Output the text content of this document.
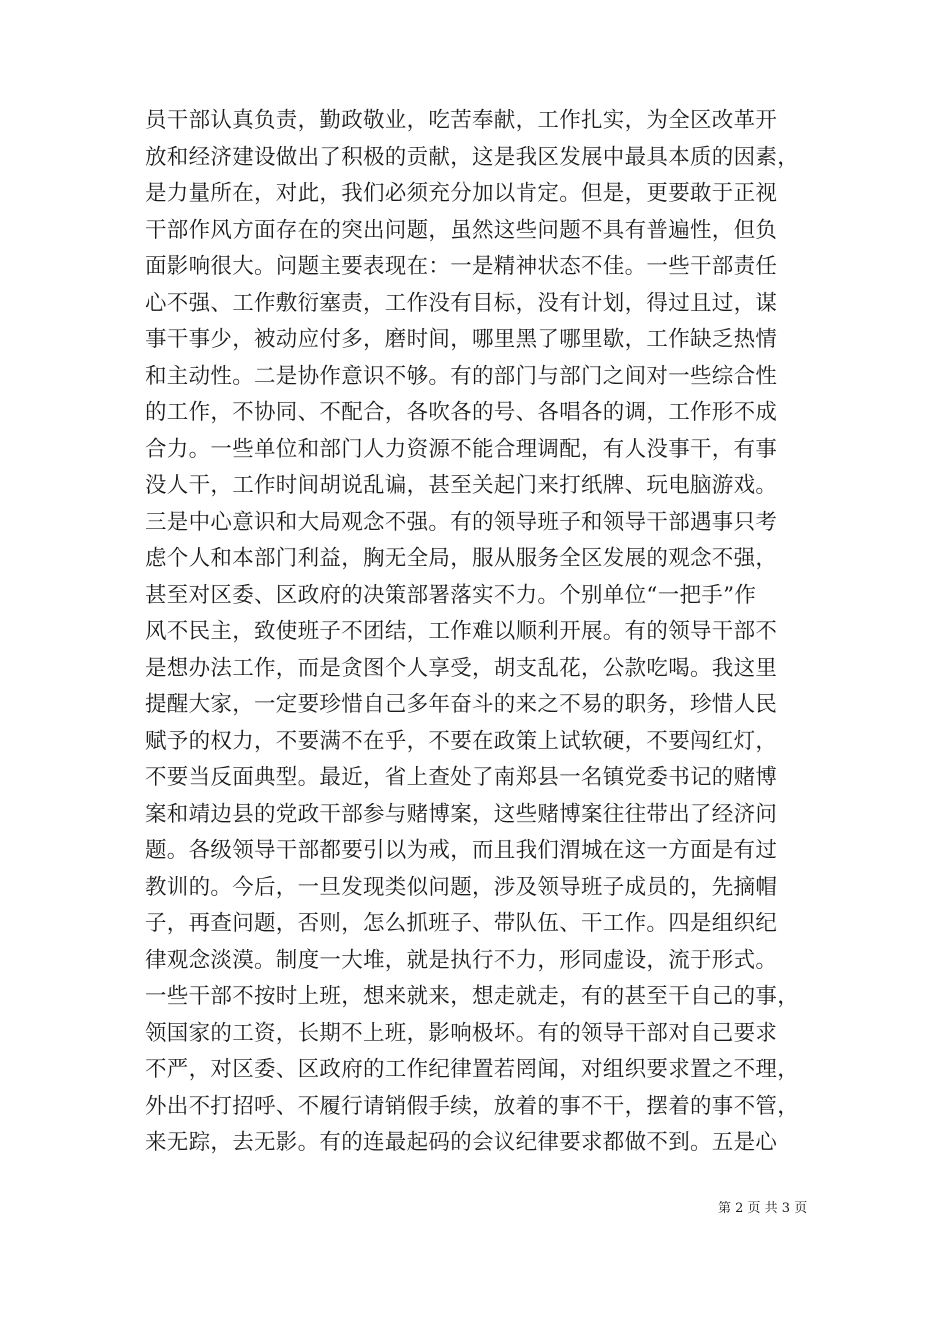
员干部认真负责，勤政敬业，吃苦奉献，工作扎实，为全区改革开
放和经济建设做出了积极的贡献，这是我区发展中最具本质的因素，
是力量所在，对此，我们必须充分加以肯定。但是，更要敢于正视
干部作风方面存在的突出问题，虽然这些问题不具有普遍性，但负
面影响很大。问题主要表现在：一是精神状态不佳。一些干部责任
心不强、工作敷衍塞责，工作没有目标，没有计划，得过且过，谋
事干事少，被动应付多，磨时间，哪里黑了哪里歇，工作缺乏热情
和主动性。二是协作意识不够。有的部门与部门之间对一些综合性
的工作，不协同、不配合，各吹各的号、各唱各的调，工作形不成
合力。一些单位和部门人力资源不能合理调配，有人没事干，有事
没人干，工作时间胡说乱谝，甚至关起门来打纸牌、玩电脑游戏。
三是中心意识和大局观念不强。有的领导班子和领导干部遇事只考
虑个人和本部门利益，胸无全局，服从服务全区发展的观念不强，
甚至对区委、区政府的决策部署落实不力。个别单位“一把手”作
风不民主，致使班子不团结，工作难以顺利开展。有的领导干部不
是想办法工作，而是贪图个人享受，胡支乱花，公款吃喝。我这里
提醒大家，一定要珍惜自己多年奋斗的来之不易的职务，珍惜人民
赋予的权力，不要满不在乎，不要在政策上试软硬，不要闯红灯，
不要当反面典型。最近，省上查处了南郑县一名镇党委书记的赌博
案和靖边县的党政干部参与赌博案，这些赌博案往往带出了经济问
题。各级领导干部都要引以为戒，而且我们渭城在这一方面是有过
教训的。今后，一旦发现类似问题，涉及领导班子成员的，先摘帽
子，再查问题，否则，怎么抓班子、带队伍、干工作。四是组织纪
律观念淡漠。制度一大堆，就是执行不力，形同虚设，流于形式。
一些干部不按时上班，想来就来，想走就走，有的甚至干自己的事，
领国家的工资，长期不上班，影响极坏。有的领导干部对自己要求
不严，对区委、区政府的工作纪律置若罔闻，对组织要求置之不理，
外出不打招呼、不履行请销假手续，放着的事不干，摆着的事不管，
来无踪，去无影。有的连最起码的会议纪律要求都做不到。五是心
第 2 页 共 3 页
